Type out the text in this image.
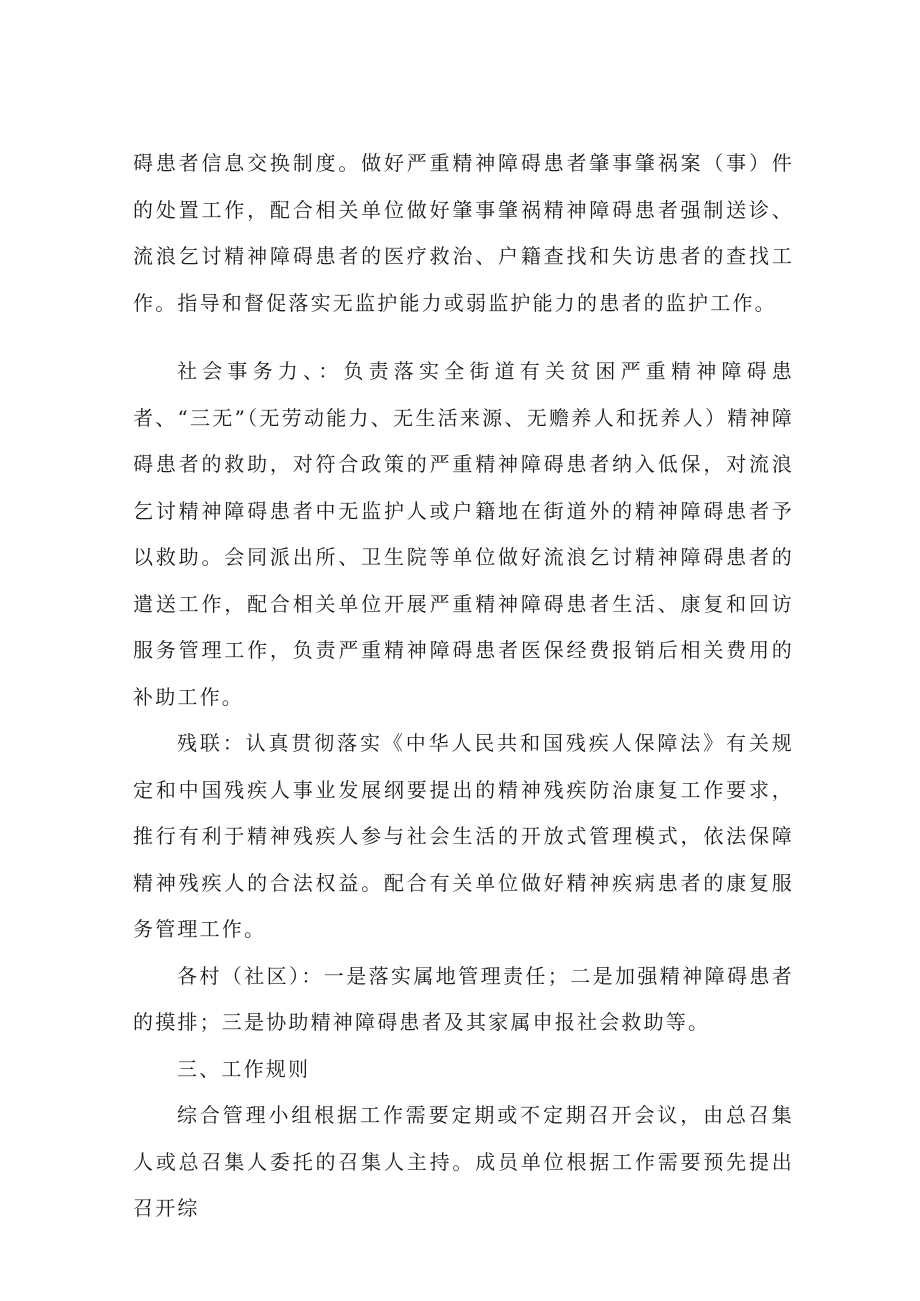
碍患者信息交换制度。做好严重精神障碍患者肇事肇祸案（事）件的处置工作，配合相关单位做好肇事肇祸精神障碍患者强制送诊、流浪乞讨精神障碍患者的医疗救治、户籍查找和失访患者的查找工作。指导和督促落实无监护能力或弱监护能力的患者的监护工作。

社会事务力、：负责落实全街道有关贫困严重精神障碍患者、“三无”（无劳动能力、无生活来源、无赡养人和抚养人）精神障碍患者的救助，对符合政策的严重精神障碍患者纳入低保，对流浪乞讨精神障碍患者中无监护人或户籍地在街道外的精神障碍患者予以救助。会同派出所、卫生院等单位做好流浪乞讨精神障碍患者的遣送工作，配合相关单位开展严重精神障碍患者生活、康复和回访服务管理工作，负责严重精神障碍患者医保经费报销后相关费用的补助工作。

残联：认真贯彻落实《中华人民共和国残疾人保障法》有关规定和中国残疾人事业发展纲要提出的精神残疾防治康复工作要求，推行有利于精神残疾人参与社会生活的开放式管理模式，依法保障精神残疾人的合法权益。配合有关单位做好精神疾病患者的康复服务管理工作。

各村（社区）：一是落实属地管理责任；二是加强精神障碍患者的摸排；三是协助精神障碍患者及其家属申报社会救助等。

三、工作规则

综合管理小组根据工作需要定期或不定期召开会议，由总召集人或总召集人委托的召集人主持。成员单位根据工作需要预先提出召开综
